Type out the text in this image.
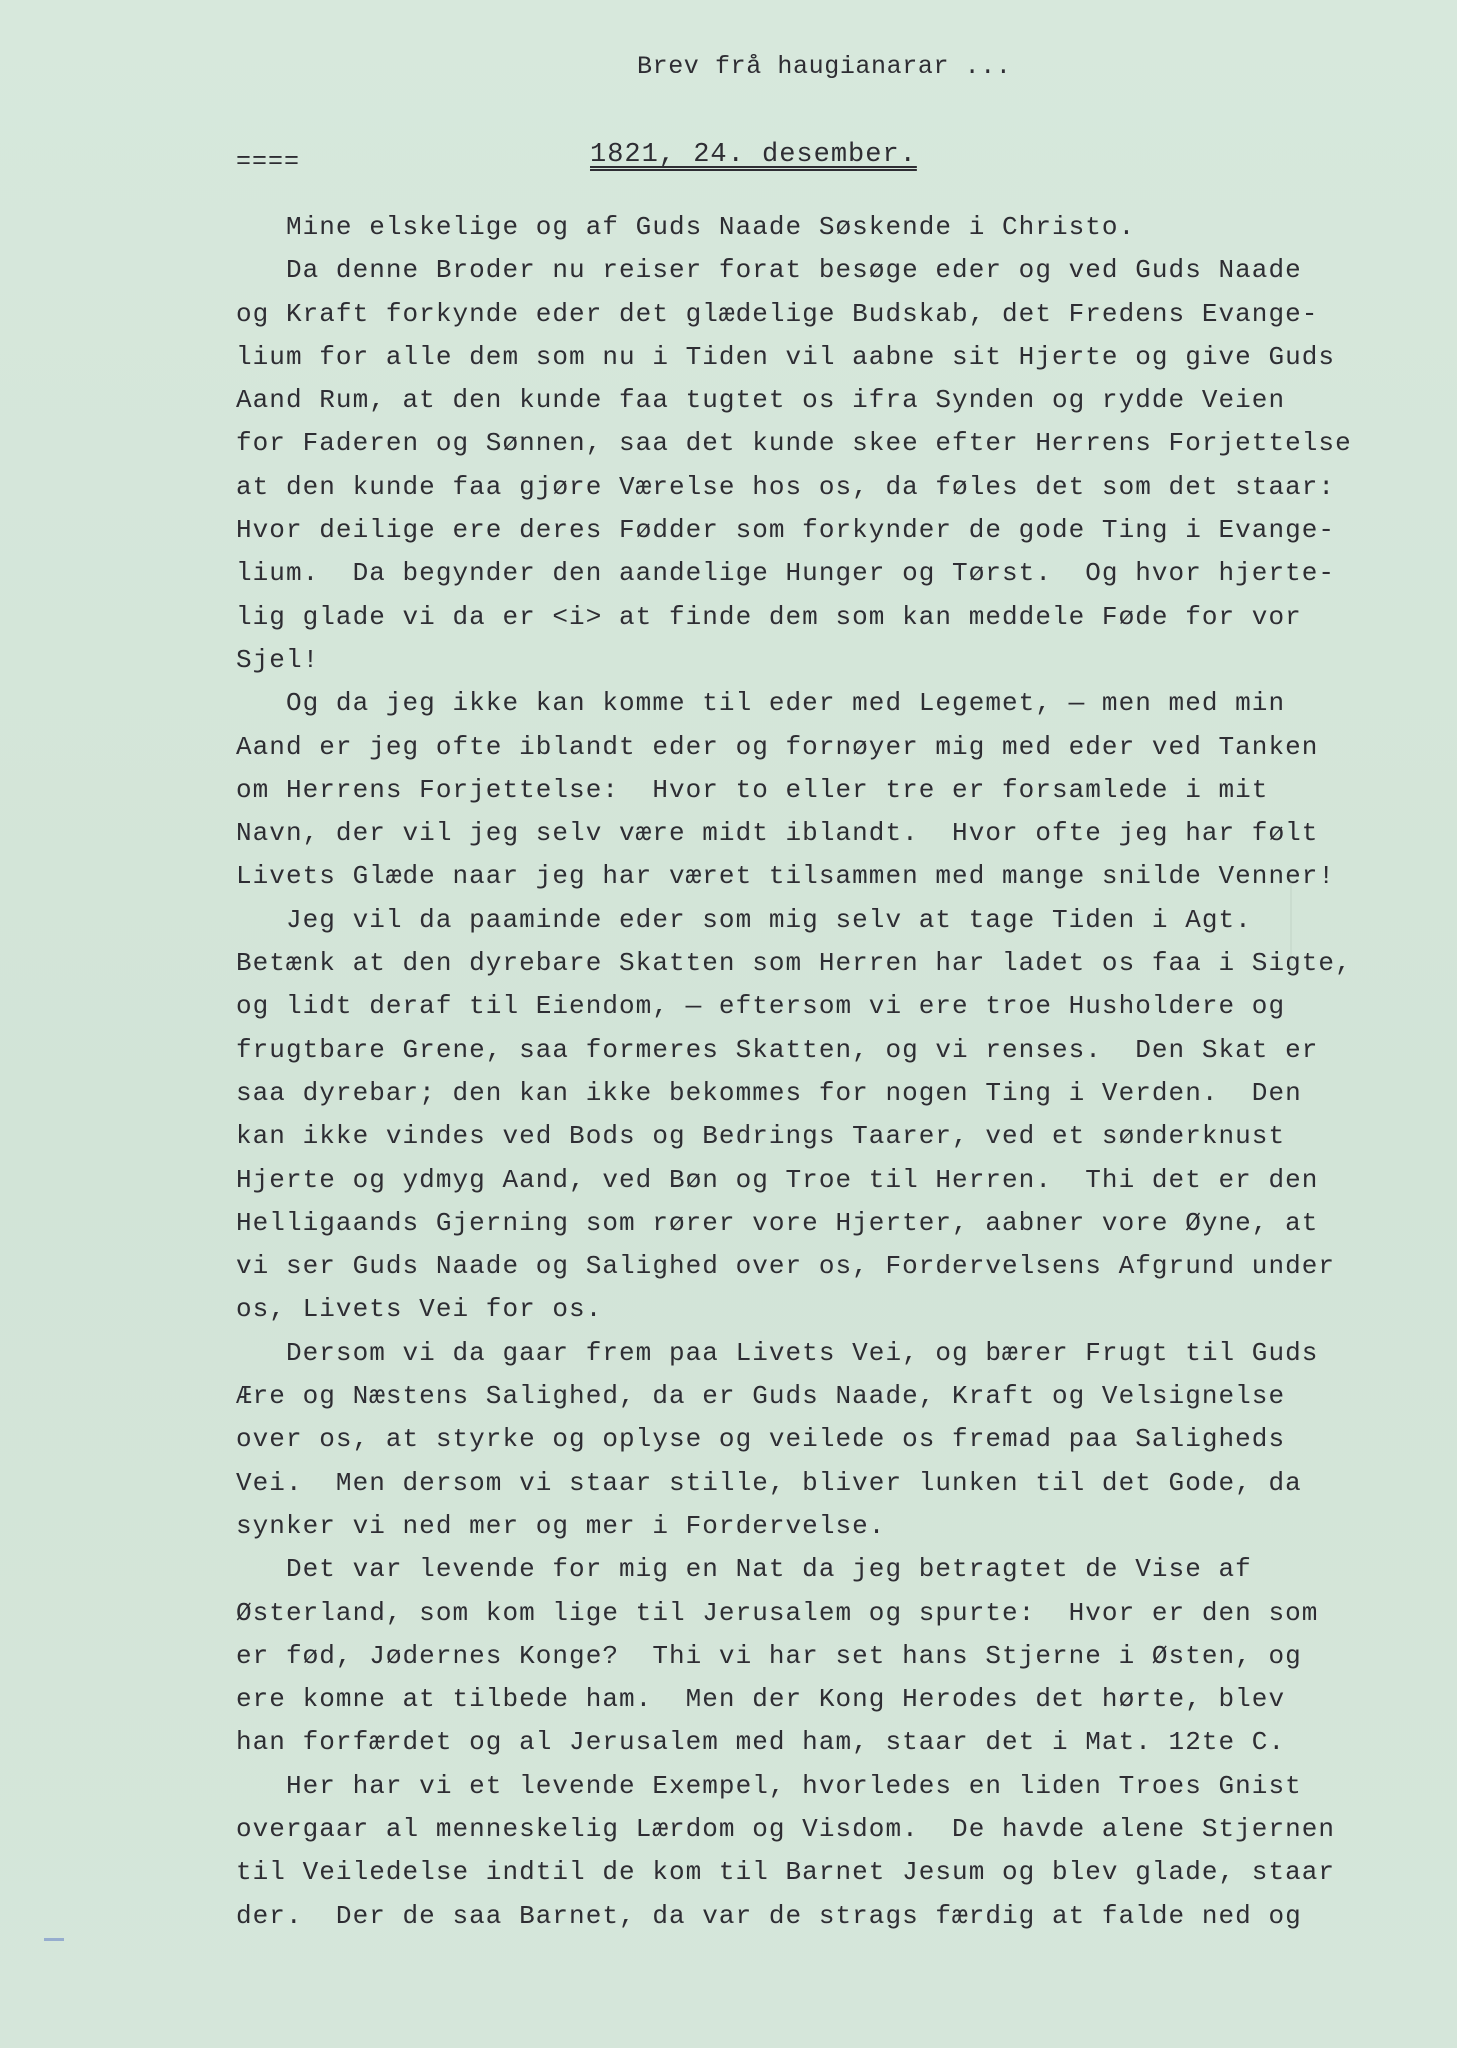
Brev frå haugianarar ...
====	1821, 24. desember.
Mine elskelige og af Guds Naade Søskende i Christo.
Da denne Broder nu reiser forat besøge eder og ved Guds Naade
og Kraft forkynde eder det glædelige Budskab, det Fredens Evange-
lium for alle dem som nu i Tiden vil aabne sit Hjerte og give Guds
Aand Rum, at den kunde faa tugtet os ifra Synden og rydde Veien
for Faderen og Sønnen, saa det kunde skee efter Herrens Forjettelse
at den kunde faa gjøre Værelse hos os, da føles det som det staar:
Hvor deilige ere deres Fødder som forkynder de gode Ting i Evange-
lium.  Da begynder den aandelige Hunger og Tørst.  Og hvor hjerte-
lig glade vi da er <i> at finde dem som kan meddele Føde for vor
Sjel!
Og da jeg ikke kan komme til eder med Legemet, — men med min
Aand er jeg ofte iblandt eder og fornøyer mig med eder ved Tanken
om Herrens Forjettelse:  Hvor to eller tre er forsamlede i mit
Navn, der vil jeg selv være midt iblandt.  Hvor ofte jeg har følt
Livets Glæde naar jeg har været tilsammen med mange snilde Venner!
Jeg vil da paaminde eder som mig selv at tage Tiden i Agt.
Betænk at den dyrebare Skatten som Herren har ladet os faa i Sigte,
og lidt deraf til Eiendom, — eftersom vi ere troe Husholdere og
frugtbare Grene, saa formeres Skatten, og vi renses.  Den Skat er
saa dyrebar; den kan ikke bekommes for nogen Ting i Verden.  Den
kan ikke vindes ved Bods og Bedrings Taarer, ved et sønderknust
Hjerte og ydmyg Aand, ved Bøn og Troe til Herren.  Thi det er den
Helligaands Gjerning som rører vore Hjerter, aabner vore Øyne, at
vi ser Guds Naade og Salighed over os, Fordervelsens Afgrund under
os, Livets Vei for os.
Dersom vi da gaar frem paa Livets Vei, og bærer Frugt til Guds
Ære og Næstens Salighed, da er Guds Naade, Kraft og Velsignelse
over os, at styrke og oplyse og veilede os fremad paa Saligheds
Vei.  Men dersom vi staar stille, bliver lunken til det Gode, da
synker vi ned mer og mer i Fordervelse.
Det var levende for mig en Nat da jeg betragtet de Vise af
Østerland, som kom lige til Jerusalem og spurte:  Hvor er den som
er fød, Jødernes Konge?  Thi vi har set hans Stjerne i Østen, og
ere komne at tilbede ham.  Men der Kong Herodes det hørte, blev
han forfærdet og al Jerusalem med ham, staar det i Mat. 12te C.
Her har vi et levende Exempel, hvorledes en liden Troes Gnist
overgaar al menneskelig Lærdom og Visdom.  De havde alene Stjernen
til Veiledelse indtil de kom til Barnet Jesum og blev glade, staar
der.  Der de saa Barnet, da var de strags færdig at falde ned og
